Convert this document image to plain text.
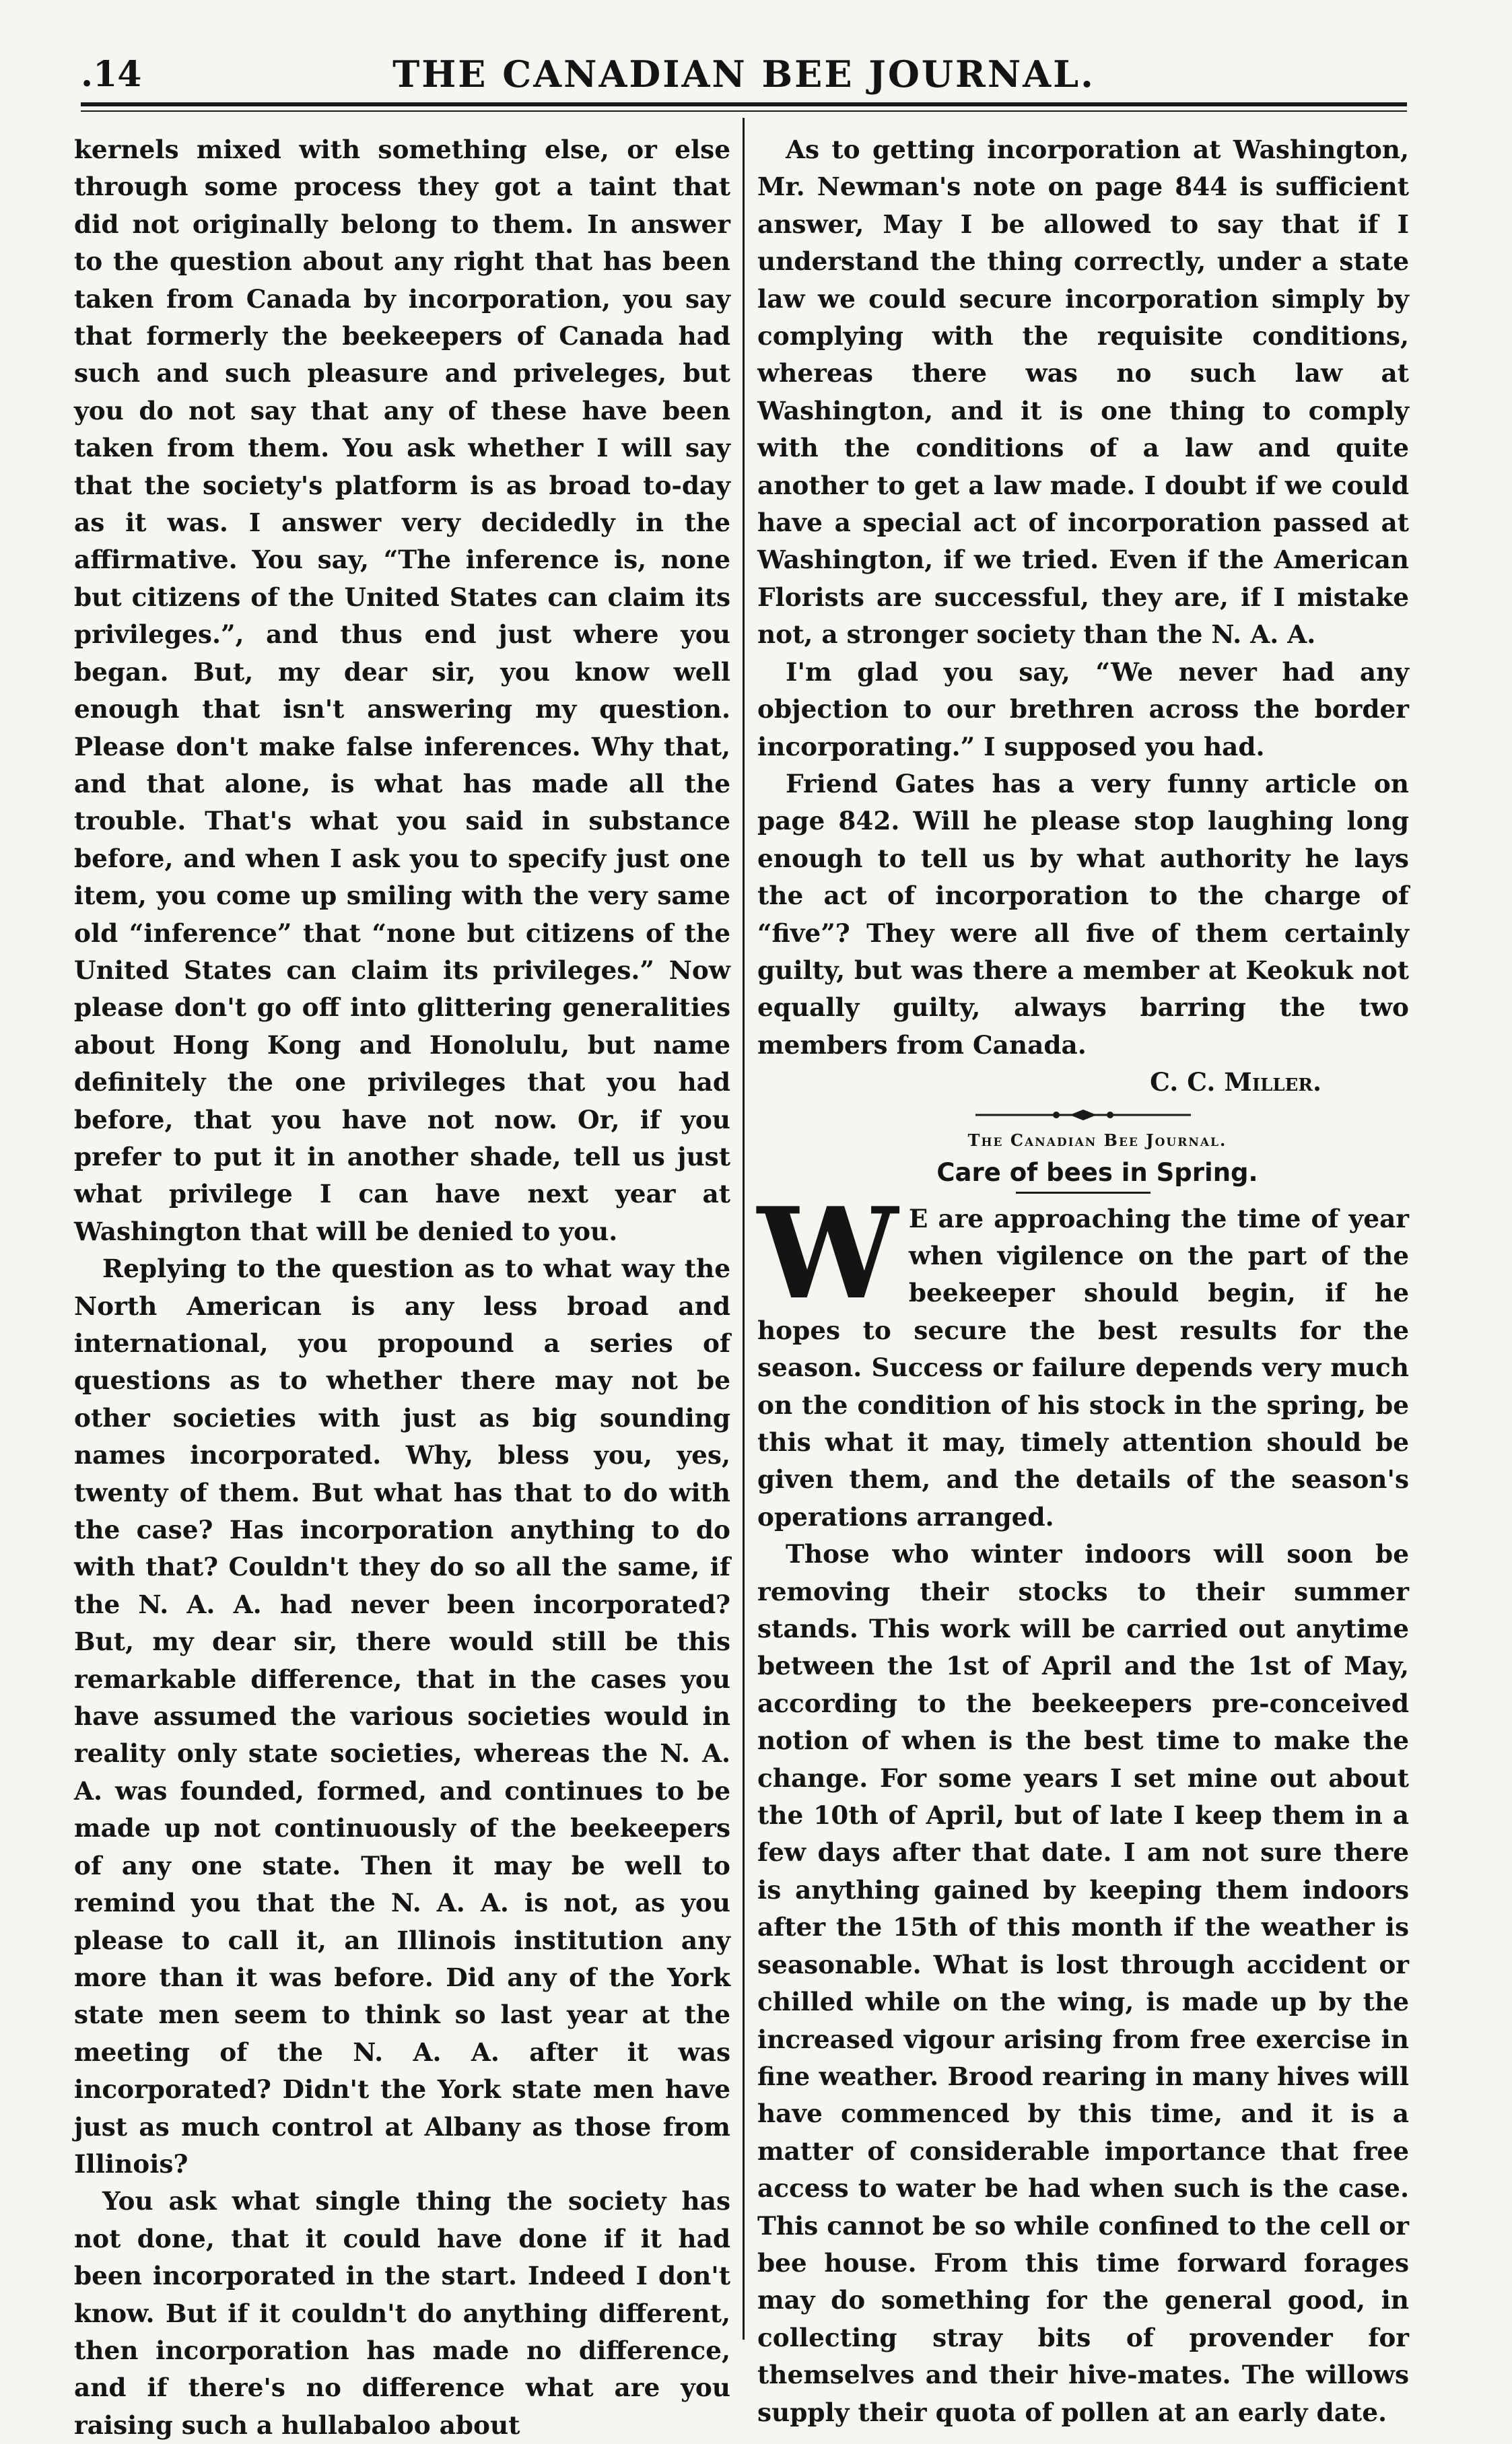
.14	THE CANADIAN BEE JOURNAL.

kernels mixed with something else, or else through some process they got a taint that did not originally belong to them. In answer to the question about any right that has been taken from Canada by incorporation, you say that formerly the beekeepers of Canada had such and such pleasure and priveleges, but you do not say that any of these have been taken from them. You ask whether I will say that the society's platform is as broad to-day as it was. I answer very decidedly in the affirmative. You say, “The inference is, none but citizens of the United States can claim its privileges.”, and thus end just where you began. But, my dear sir, you know well enough that isn't answering my question. Please don't make false inferences. Why that, and that alone, is what has made all the trouble. That's what you said in substance before, and when I ask you to specify just one item, you come up smiling with the very same old “inference” that “none but citizens of the United States can claim its privileges.” Now please don't go off into glittering generalities about Hong Kong and Honolulu, but name definitely the one privileges that you had before, that you have not now. Or, if you prefer to put it in another shade, tell us just what privilege I can have next year at Washington that will be denied to you.

Replying to the question as to what way the North American is any less broad and international, you propound a series of questions as to whether there may not be other societies with just as big sounding names incorporated. Why, bless you, yes, twenty of them. But what has that to do with the case? Has incorporation anything to do with that? Couldn't they do so all the same, if the N. A. A. had never been incorporated? But, my dear sir, there would still be this remarkable difference, that in the cases you have assumed the various societies would in reality only state societies, whereas the N. A. A. was founded, formed, and continues to be made up not continuously of the beekeepers of any one state. Then it may be well to remind you that the N. A. A. is not, as you please to call it, an Illinois institution any more than it was before. Did any of the York state men seem to think so last year at the meeting of the N. A. A. after it was incorporated? Didn't the York state men have just as much control at Albany as those from Illinois?

You ask what single thing the society has not done, that it could have done if it had been incorporated in the start. Indeed I don't know. But if it couldn't do anything different, then incorporation has made no difference, and if there's no difference what are you raising such a hullabaloo about

As to getting incorporation at Washington, Mr. Newman's note on page 844 is sufficient answer, May I be allowed to say that if I understand the thing correctly, under a state law we could secure incorporation simply by complying with the requisite conditions, whereas there was no such law at Washington, and it is one thing to comply with the conditions of a law and quite another to get a law made. I doubt if we could have a special act of incorporation passed at Washington, if we tried. Even if the American Florists are successful, they are, if I mistake not, a stronger society than the N. A. A.

I'm glad you say, “We never had any objection to our brethren across the border incorporating.” I supposed you had.

Friend Gates has a very funny article on page 842. Will he please stop laughing long enough to tell us by what authority he lays the act of incorporation to the charge of “five”? They were all five of them certainly guilty, but was there a member at Keokuk not equally guilty, always barring the two members from Canada.

C. C. Miller.

The Canadian Bee Journal.

Care of bees in Spring.

W E are approaching the time of year when vigilence on the part of the beekeeper should begin, if he hopes to secure the best results for the season. Success or failure depends very much on the condition of his stock in the spring, be this what it may, timely attention should be given them, and the details of the season's operations arranged.

Those who winter indoors will soon be removing their stocks to their summer stands. This work will be carried out anytime between the 1st of April and the 1st of May, according to the beekeepers pre-conceived notion of when is the best time to make the change. For some years I set mine out about the 10th of April, but of late I keep them in a few days after that date. I am not sure there is anything gained by keeping them indoors after the 15th of this month if the weather is seasonable. What is lost through accident or chilled while on the wing, is made up by the increased vigour arising from free exercise in fine weather. Brood rearing in many hives will have commenced by this time, and it is a matter of considerable importance that free access to water be had when such is the case. This cannot be so while confined to the cell or bee house. From this time forward forages may do something for the general good, in collecting stray bits of provender for themselves and their hive-mates. The willows supply their quota of pollen at an early date.
